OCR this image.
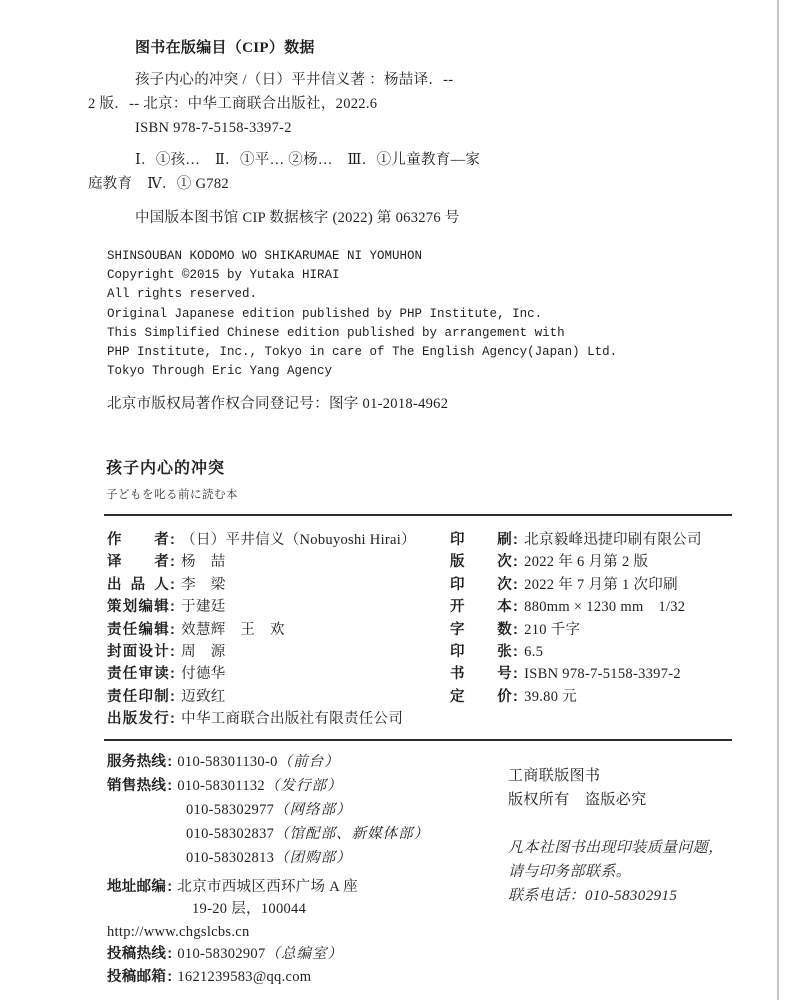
图书在版编目（CIP）数据
孩子内心的冲突 /（日）平井信义著 ：杨喆译．--
2 版．-- 北京：中华工商联合出版社，2022.6
ISBN 978-7-5158-3397-2
Ⅰ．①孩…　Ⅱ．①平… ②杨…　Ⅲ．①儿童教育—家
庭教育　Ⅳ．① G782
中国版本图书馆 CIP 数据核字 (2022) 第 063276 号
SHINSOUBAN KODOMO WO SHIKARUMAE NI YOMUHON
Copyright ©2015 by Yutaka HIRAI
All rights reserved.
Original Japanese edition published by PHP Institute, Inc.
This Simplified Chinese edition published by arrangement with
PHP Institute, Inc., Tokyo in care of The English Agency(Japan) Ltd.
Tokyo Through Eric Yang Agency
北京市版权局著作权合同登记号：图字 01-2018-4962
孩子内心的冲突
子どもを叱る前に読む本
作者: （日）平井信义（Nobuyoshi Hirai）
译者: 杨　喆
出品人: 李　梁
策划编辑: 于建廷
责任编辑: 效慧辉　王　欢
封面设计: 周　源
责任审读: 付德华
责任印制: 迈致红
出版发行: 中华工商联合出版社有限责任公司
印刷: 北京毅峰迅捷印刷有限公司
版次: 2022 年 6 月第 2 版
印次: 2022 年 7 月第 1 次印刷
开本: 880mm × 1230 mm　1/32
字数: 210 千字
印张: 6.5
书号: ISBN 978-7-5158-3397-2
定价: 39.80 元
服务热线: 010-58301130-0（前台）
销售热线: 010-58301132（发行部）
010-58302977（网络部）
010-58302837（馆配部、新媒体部）
010-58302813（团购部）
地址邮编: 北京市西城区西环广场 A 座
19-20 层，100044
http://www.chgslcbs.cn
投稿热线: 010-58302907（总编室）
投稿邮箱: 1621239583@qq.com
工商联版图书
版权所有　盗版必究
凡本社图书出现印装质量问题，
请与印务部联系。
联系电话：010-58302915
